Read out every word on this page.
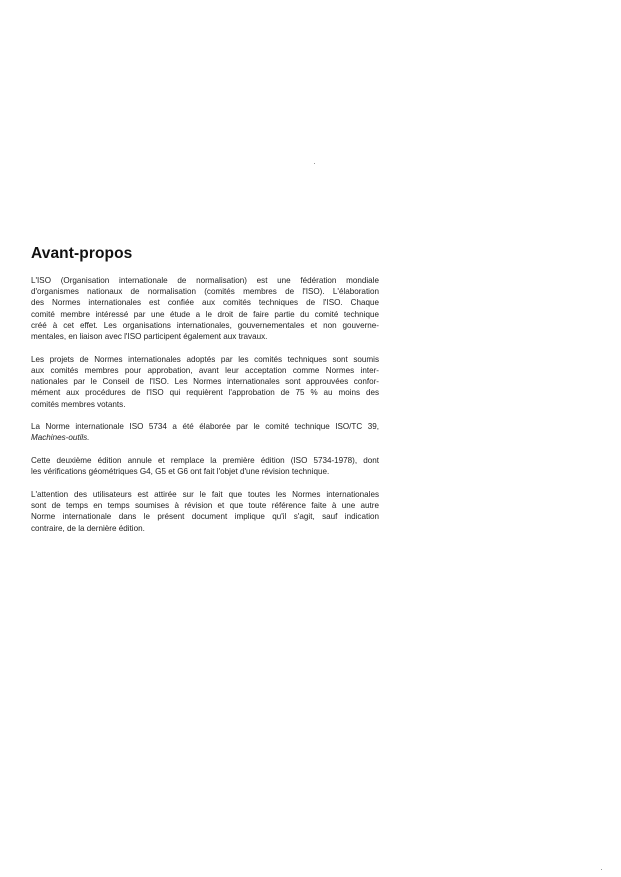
Avant-propos

L'ISO (Organisation internationale de normalisation) est une fédération mondiale
d'organismes nationaux de normalisation (comités membres de l'ISO). L'élaboration
des Normes internationales est confiée aux comités techniques de l'ISO. Chaque
comité membre intéressé par une étude a le droit de faire partie du comité technique
créé à cet effet. Les organisations internationales, gouvernementales et non gouverne-
mentales, en liaison avec l'ISO participent également aux travaux.

Les projets de Normes internationales adoptés par les comités techniques sont soumis
aux comités membres pour approbation, avant leur acceptation comme Normes inter-
nationales par le Conseil de l'ISO. Les Normes internationales sont approuvées confor-
mément aux procédures de l'ISO qui requièrent l'approbation de 75 % au moins des
comités membres votants.

La Norme internationale ISO 5734 a été élaborée par le comité technique ISO/TC 39,
Machines-outils.

Cette deuxième édition annule et remplace la première édition (ISO 5734-1978), dont
les vérifications géométriques G4, G5 et G6 ont fait l'objet d'une révision technique.

L'attention des utilisateurs est attirée sur le fait que toutes les Normes internationales
sont de temps en temps soumises à révision et que toute référence faite à une autre
Norme internationale dans le présent document implique qu'il s'agit, sauf indication
contraire, de la dernière édition.
